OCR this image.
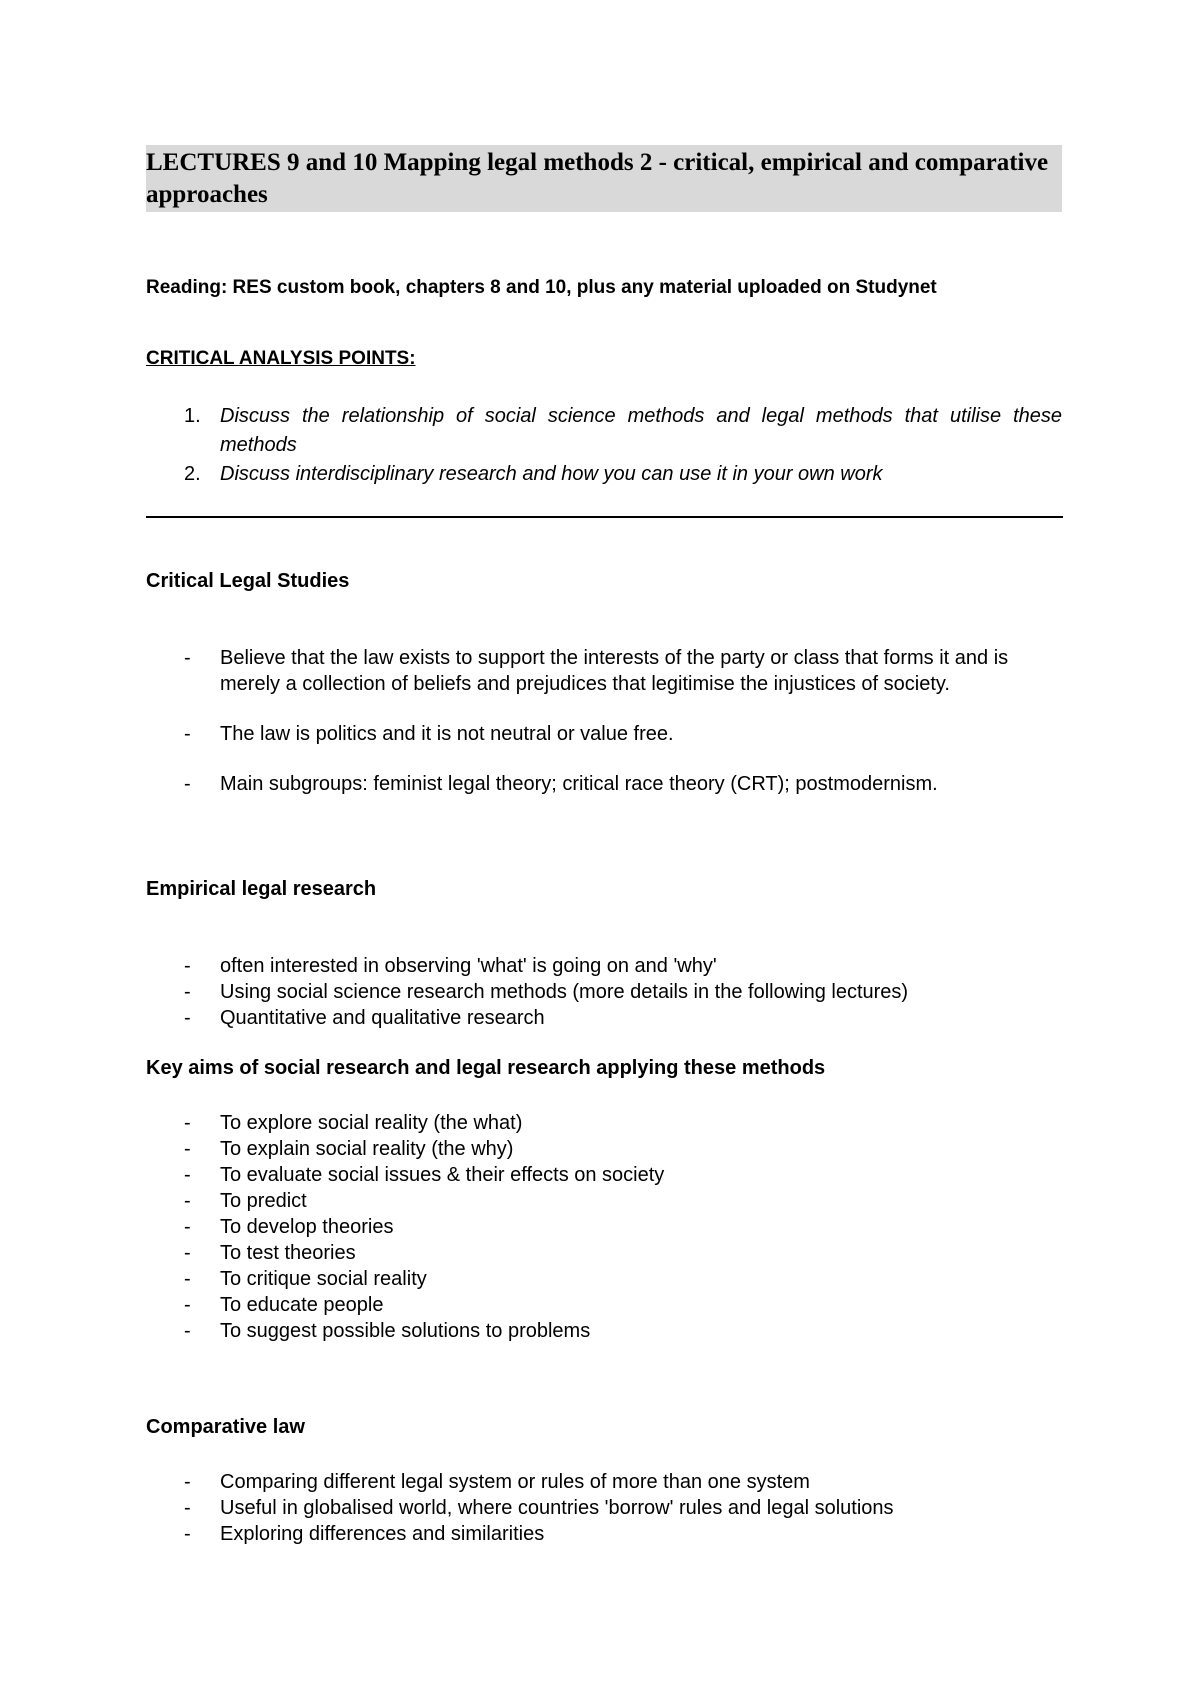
LECTURES 9 and 10 Mapping legal methods 2 - critical, empirical and comparative approaches

Reading: RES custom book, chapters 8 and 10, plus any material uploaded on Studynet

CRITICAL ANALYSIS POINTS:

1. Discuss the relationship of social science methods and legal methods that utilise these methods
2. Discuss interdisciplinary research and how you can use it in your own work

Critical Legal Studies

- Believe that the law exists to support the interests of the party or class that forms it and is merely a collection of beliefs and prejudices that legitimise the injustices of society.
- The law is politics and it is not neutral or value free.
- Main subgroups: feminist legal theory; critical race theory (CRT); postmodernism.

Empirical legal research

- often interested in observing 'what' is going on and 'why'
- Using social science research methods (more details in the following lectures)
- Quantitative and qualitative research

Key aims of social research and legal research applying these methods

- To explore social reality (the what)
- To explain social reality (the why)
- To evaluate social issues & their effects on society
- To predict
- To develop theories
- To test theories
- To critique social reality
- To educate people
- To suggest possible solutions to problems

Comparative law

- Comparing different legal system or rules of more than one system
- Useful in globalised world, where countries 'borrow' rules and legal solutions
- Exploring differences and similarities
